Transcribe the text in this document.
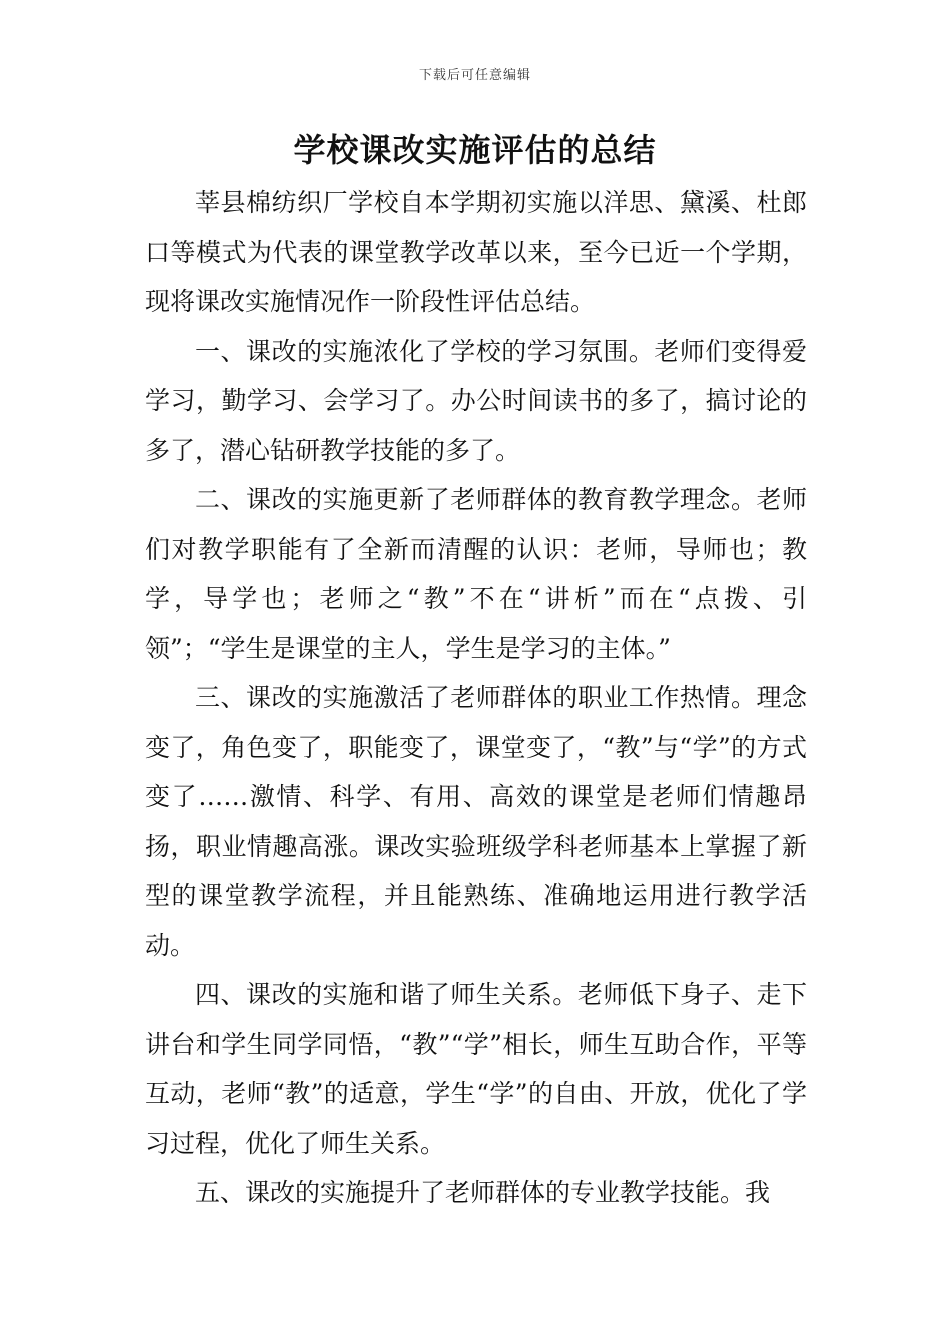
下载后可任意编辑
学校课改实施评估的总结

莘县棉纺织厂学校自本学期初实施以洋思、黛溪、杜郎口等模式为代表的课堂教学改革以来，至今已近一个学期，现将课改实施情况作一阶段性评估总结。

一、课改的实施浓化了学校的学习氛围。老师们变得爱学习，勤学习、会学习了。办公时间读书的多了，搞讨论的多了，潜心钻研教学技能的多了。

二、课改的实施更新了老师群体的教育教学理念。老师们对教学职能有了全新而清醒的认识：老师，导师也；教学，导学也；老师之“教”不在“讲析”而在“点拨、引领”；“学生是课堂的主人，学生是学习的主体。”

三、课改的实施激活了老师群体的职业工作热情。理念变了，角色变了，职能变了，课堂变了，“教”与“学”的方式变了……激情、科学、有用、高效的课堂是老师们情趣昂扬，职业情趣高涨。课改实验班级学科老师基本上掌握了新型的课堂教学流程，并且能熟练、准确地运用进行教学活动。

四、课改的实施和谐了师生关系。老师低下身子、走下讲台和学生同学同悟，“教”“学”相长，师生互助合作，平等互动，老师“教”的适意，学生“学”的自由、开放，优化了学习过程，优化了师生关系。

五、课改的实施提升了老师群体的专业教学技能。我
